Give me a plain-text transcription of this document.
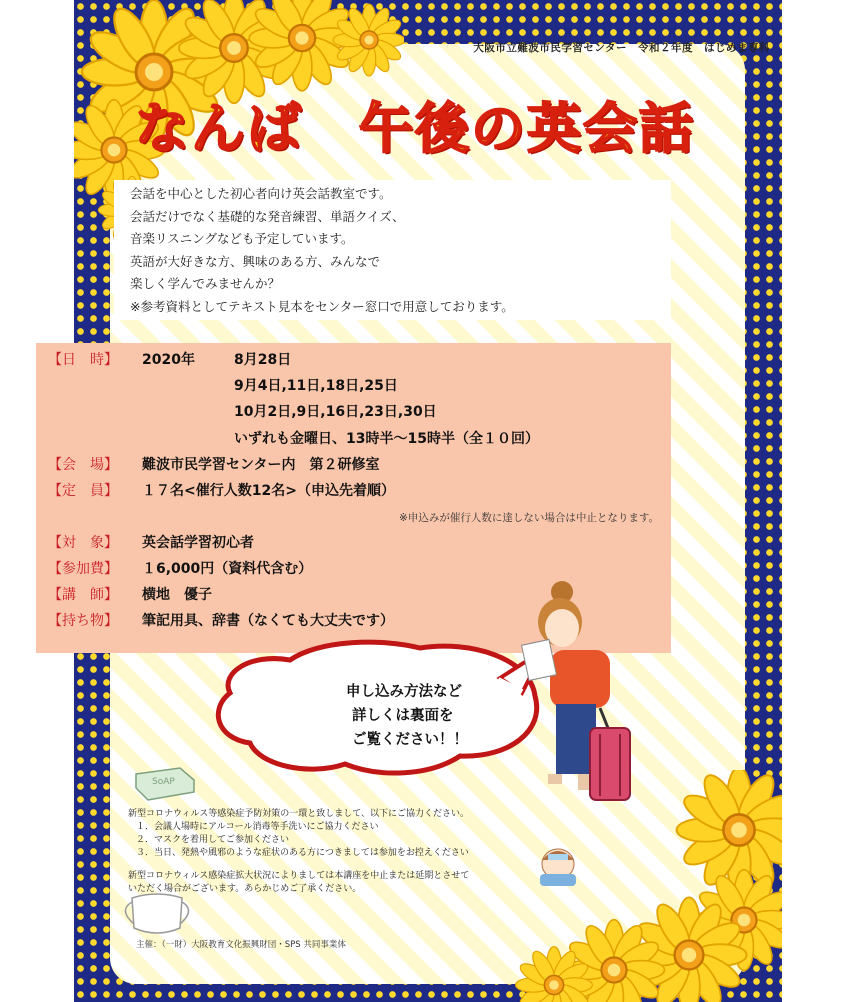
大阪市立難波市民学習センター　令和２年度　はじめま専科
なんば　午後の英会話

会話を中心とした初心者向け英会話教室です。

会話だけでなく基礎的な発音練習、単語クイズ、

音楽リスニングなども予定しています。

英語が大好きな方、興味のある方、みんなで

楽しく学んでみませんか？

※参考資料としてテキスト見本をセンター窓口で用意しております。

【日　時】 2020年	8月28日
9月4日,11日,18日,25日
10月2日,9日,16日,23日,30日
いずれも金曜日、13時半～15時半（全１０回）
【会　場】 難波市民学習センター内　第２研修室
【定　員】 １７名<催行人数12名>（申込先着順）
※申込みが催行人数に達しない場合は中止となります。
【対　象】 英会話学習初心者
【参加費】 １6,000円（資料代含む）
【講　師】 横地　優子
【持ち物】 筆記用具、辞書（なくても大丈夫です）
申し込み方法など
詳しくは裏面を
ご覧ください！！
SoAP
新型コロナウィルス等感染症予防対策の一環と致しまして、以下にご協力ください。
１．会議人場時にアルコール消毒等手洗いにご協力ください
２．マスクを着用してご参加ください
３．当日、発熱や風邪のような症状のある方につきましては参加をお控えください
新型コロナウィルス感染症拡大状況によりましては本講座を中止または延期とさせて
いただく場合がございます。あらかじめご了承ください。
主催：（一財）大阪教育文化振興財団・SPS 共同事業体
